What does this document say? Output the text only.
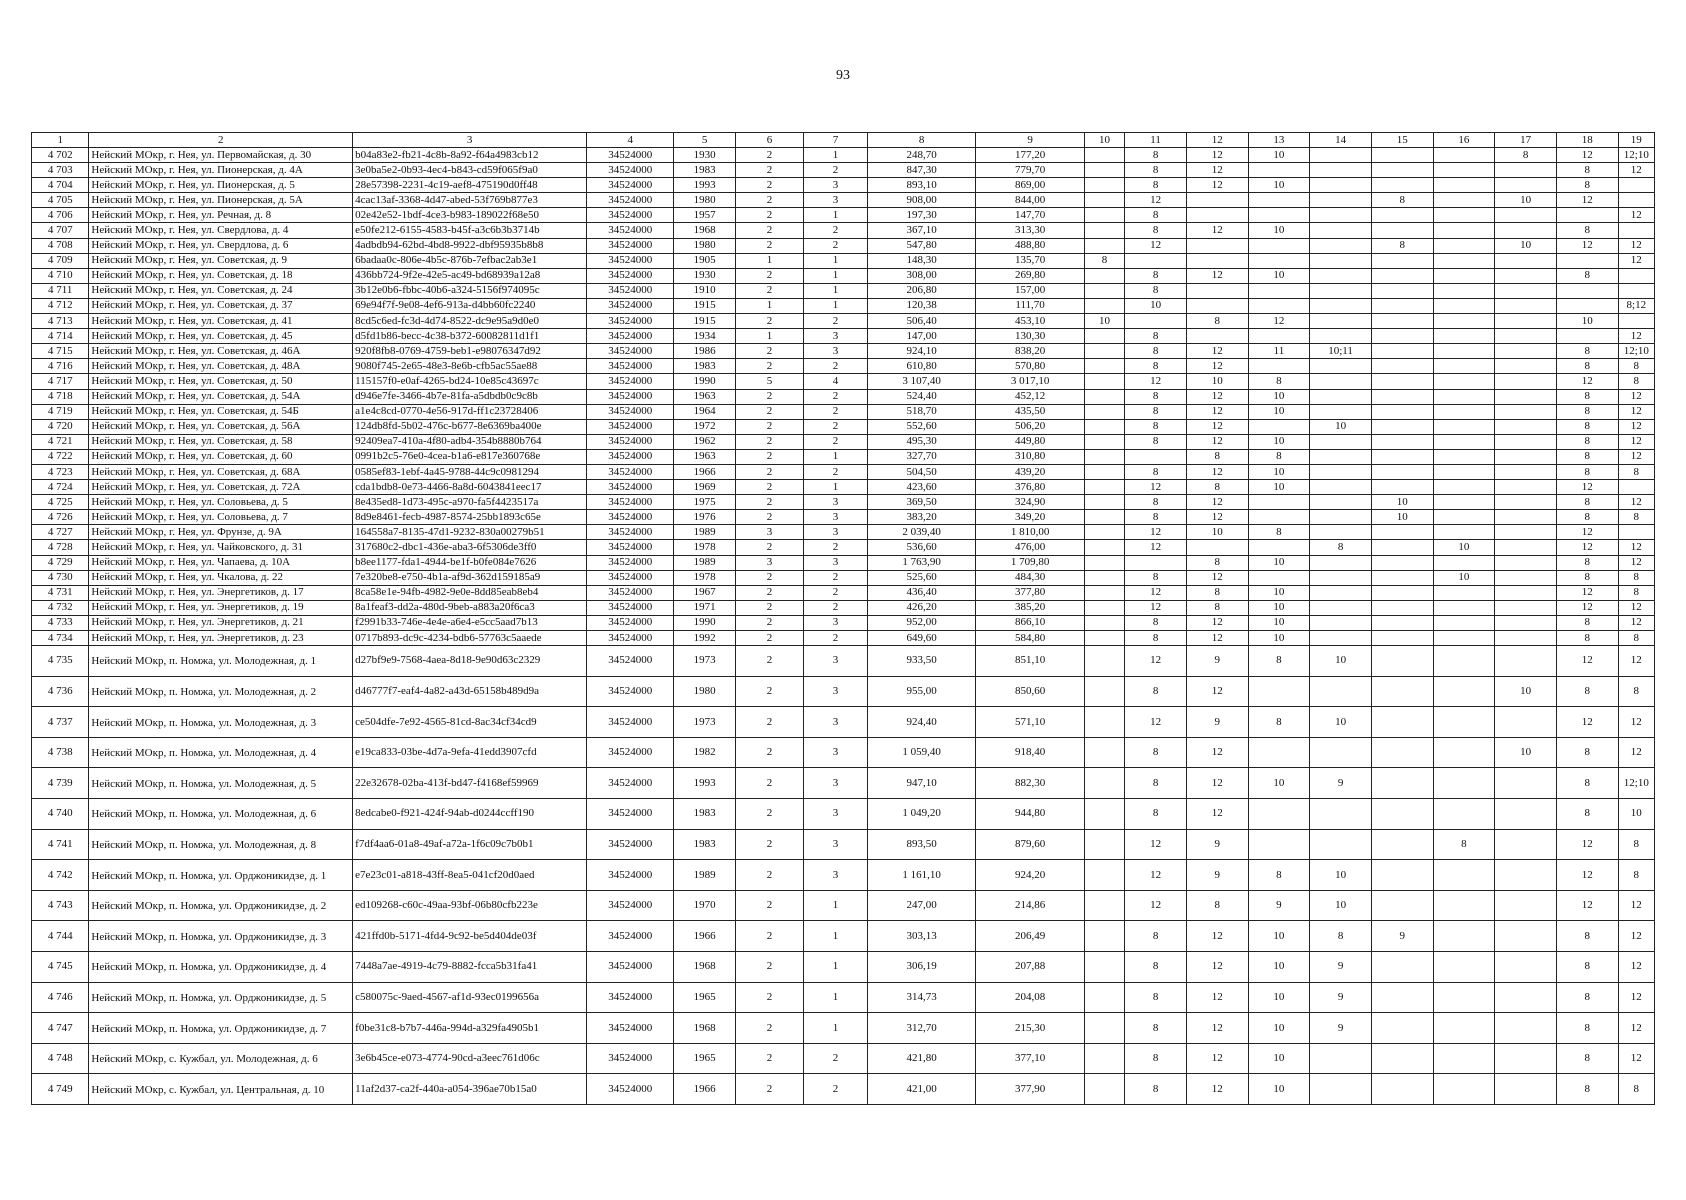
93
1	2	3	4	5	6	7	8	9	10	11	12	13	14	15	16	17	18	19
4 702	Нейский МОкр, г. Нея, ул. Первомайская, д. 30	b04a83e2-fb21-4c8b-8a92-f64a4983cb12	34524000	1930	2	1	248,70	177,20		8	12	10				8	12	12;10
4 703	Нейский МОкр, г. Нея, ул. Пионерская, д. 4А	3e0ba5e2-0b93-4ec4-b843-cd59f065f9a0	34524000	1983	2	2	847,30	779,70		8	12						8	12
4 704	Нейский МОкр, г. Нея, ул. Пионерская, д. 5	28e57398-2231-4c19-aef8-475190d0ff48	34524000	1993	2	3	893,10	869,00		8	12	10					8	
4 705	Нейский МОкр, г. Нея, ул. Пионерская, д. 5А	4cac13af-3368-4d47-abed-53f769b877e3	34524000	1980	2	3	908,00	844,00		12				8		10	12	
4 706	Нейский МОкр, г. Нея, ул. Речная, д. 8	02e42e52-1bdf-4ce3-b983-189022f68e50	34524000	1957	2	1	197,30	147,70		8								12
4 707	Нейский МОкр, г. Нея, ул. Свердлова, д. 4	e50fe212-6155-4583-b45f-a3c6b3b3714b	34524000	1968	2	2	367,10	313,30		8	12	10					8	
4 708	Нейский МОкр, г. Нея, ул. Свердлова, д. 6	4adbdb94-62bd-4bd8-9922-dbf95935b8b8	34524000	1980	2	2	547,80	488,80		12				8		10	12	12
4 709	Нейский МОкр, г. Нея, ул. Советская, д. 9	6badaa0c-806e-4b5c-876b-7efbac2ab3e1	34524000	1905	1	1	148,30	135,70	8									12
4 710	Нейский МОкр, г. Нея, ул. Советская, д. 18	436bb724-9f2e-42e5-ac49-bd68939a12a8	34524000	1930	2	1	308,00	269,80		8	12	10					8	
4 711	Нейский МОкр, г. Нея, ул. Советская, д. 24	3b12e0b6-fbbc-40b6-a324-5156f974095c	34524000	1910	2	1	206,80	157,00		8								
4 712	Нейский МОкр, г. Нея, ул. Советская, д. 37	69e94f7f-9e08-4ef6-913a-d4bb60fc2240	34524000	1915	1	1	120,38	111,70		10								8;12
4 713	Нейский МОкр, г. Нея, ул. Советская, д. 41	8cd5c6ed-fc3d-4d74-8522-dc9e95a9d0e0	34524000	1915	2	2	506,40	453,10	10		8	12					10	
4 714	Нейский МОкр, г. Нея, ул. Советская, д. 45	d5fd1b86-becc-4c38-b372-60082811d1f1	34524000	1934	1	3	147,00	130,30		8								12
4 715	Нейский МОкр, г. Нея, ул. Советская, д. 46А	920f8fb8-0769-4759-beb1-e98076347d92	34524000	1986	2	3	924,10	838,20		8	12	11	10;11				8	12;10
4 716	Нейский МОкр, г. Нея, ул. Советская, д. 48А	9080f745-2e65-48e3-8e6b-cfb5ac55ae88	34524000	1983	2	2	610,80	570,80		8	12						8	8
4 717	Нейский МОкр, г. Нея, ул. Советская, д. 50	115157f0-e0af-4265-bd24-10e85c43697c	34524000	1990	5	4	3 107,40	3 017,10		12	10	8					12	8
4 718	Нейский МОкр, г. Нея, ул. Советская, д. 54А	d946e7fe-3466-4b7e-81fa-a5dbdb0c9c8b	34524000	1963	2	2	524,40	452,12		8	12	10					8	12
4 719	Нейский МОкр, г. Нея, ул. Советская, д. 54Б	a1e4c8cd-0770-4e56-917d-ff1c23728406	34524000	1964	2	2	518,70	435,50		8	12	10					8	12
4 720	Нейский МОкр, г. Нея, ул. Советская, д. 56А	124db8fd-5b02-476c-b677-8e6369ba400e	34524000	1972	2	2	552,60	506,20		8	12		10				8	12
4 721	Нейский МОкр, г. Нея, ул. Советская, д. 58	92409ea7-410a-4f80-adb4-354b8880b764	34524000	1962	2	2	495,30	449,80		8	12	10					8	12
4 722	Нейский МОкр, г. Нея, ул. Советская, д. 60	0991b2c5-76e0-4cea-b1a6-e817e360768e	34524000	1963	2	1	327,70	310,80			8	8					8	12
4 723	Нейский МОкр, г. Нея, ул. Советская, д. 68А	0585ef83-1ebf-4a45-9788-44c9c0981294	34524000	1966	2	2	504,50	439,20		8	12	10					8	8
4 724	Нейский МОкр, г. Нея, ул. Советская, д. 72А	cda1bdb8-0e73-4466-8a8d-6043841eec17	34524000	1969	2	1	423,60	376,80		12	8	10					12	
4 725	Нейский МОкр, г. Нея, ул. Соловьева, д. 5	8e435ed8-1d73-495c-a970-fa5f4423517a	34524000	1975	2	3	369,50	324,90		8	12			10			8	12
4 726	Нейский МОкр, г. Нея, ул. Соловьева, д. 7	8d9e8461-fecb-4987-8574-25bb1893c65e	34524000	1976	2	3	383,20	349,20		8	12			10			8	8
4 727	Нейский МОкр, г. Нея, ул. Фрунзе, д. 9А	164558a7-8135-47d1-9232-830a00279b51	34524000	1989	3	3	2 039,40	1 810,00		12	10	8					12	
4 728	Нейский МОкр, г. Нея, ул. Чайковского, д. 31	317680c2-dbc1-436e-aba3-6f5306de3ff0	34524000	1978	2	2	536,60	476,00		12			8		10		12	12
4 729	Нейский МОкр, г. Нея, ул. Чапаева, д. 10А	b8ee1177-fda1-4944-be1f-b0fe084e7626	34524000	1989	3	3	1 763,90	1 709,80			8	10					8	12
4 730	Нейский МОкр, г. Нея, ул. Чкалова, д. 22	7e320be8-e750-4b1a-af9d-362d159185a9	34524000	1978	2	2	525,60	484,30		8	12				10		8	8
4 731	Нейский МОкр, г. Нея, ул. Энергетиков, д. 17	8ca58e1e-94fb-4982-9e0e-8dd85eab8eb4	34524000	1967	2	2	436,40	377,80		12	8	10					12	8
4 732	Нейский МОкр, г. Нея, ул. Энергетиков, д. 19	8a1feaf3-dd2a-480d-9beb-a883a20f6ca3	34524000	1971	2	2	426,20	385,20		12	8	10					12	12
4 733	Нейский МОкр, г. Нея, ул. Энергетиков, д. 21	f2991b33-746e-4e4e-a6e4-e5cc5aad7b13	34524000	1990	2	3	952,00	866,10		8	12	10					8	12
4 734	Нейский МОкр, г. Нея, ул. Энергетиков, д. 23	0717b893-dc9c-4234-bdb6-57763c5aaede	34524000	1992	2	2	649,60	584,80		8	12	10					8	8
4 735	Нейский МОкр, п. Номжа, ул. Молодежная, д. 1	d27bf9e9-7568-4aea-8d18-9e90d63c2329	34524000	1973	2	3	933,50	851,10		12	9	8	10				12	12
4 736	Нейский МОкр, п. Номжа, ул. Молодежная, д. 2	d46777f7-eaf4-4a82-a43d-65158b489d9a	34524000	1980	2	3	955,00	850,60		8	12					10	8	8
4 737	Нейский МОкр, п. Номжа, ул. Молодежная, д. 3	ce504dfe-7e92-4565-81cd-8ac34cf34cd9	34524000	1973	2	3	924,40	571,10		12	9	8	10				12	12
4 738	Нейский МОкр, п. Номжа, ул. Молодежная, д. 4	e19ca833-03be-4d7a-9efa-41edd3907cfd	34524000	1982	2	3	1 059,40	918,40		8	12					10	8	12
4 739	Нейский МОкр, п. Номжа, ул. Молодежная, д. 5	22e32678-02ba-413f-bd47-f4168ef59969	34524000	1993	2	3	947,10	882,30		8	12	10	9				8	12;10
4 740	Нейский МОкр, п. Номжа, ул. Молодежная, д. 6	8edcabe0-f921-424f-94ab-d0244ccff190	34524000	1983	2	3	1 049,20	944,80		8	12						8	10
4 741	Нейский МОкр, п. Номжа, ул. Молодежная, д. 8	f7df4aa6-01a8-49af-a72a-1f6c09c7b0b1	34524000	1983	2	3	893,50	879,60		12	9				8		12	8
4 742	Нейский МОкр, п. Номжа, ул. Орджоникидзе, д. 1	e7e23c01-a818-43ff-8ea5-041cf20d0aed	34524000	1989	2	3	1 161,10	924,20		12	9	8	10				12	8
4 743	Нейский МОкр, п. Номжа, ул. Орджоникидзе, д. 2	ed109268-c60c-49aa-93bf-06b80cfb223e	34524000	1970	2	1	247,00	214,86		12	8	9	10				12	12
4 744	Нейский МОкр, п. Номжа, ул. Орджоникидзе, д. 3	421ffd0b-5171-4fd4-9c92-be5d404de03f	34524000	1966	2	1	303,13	206,49		8	12	10	8	9			8	12
4 745	Нейский МОкр, п. Номжа, ул. Орджоникидзе, д. 4	7448a7ae-4919-4c79-8882-fcca5b31fa41	34524000	1968	2	1	306,19	207,88		8	12	10	9				8	12
4 746	Нейский МОкр, п. Номжа, ул. Орджоникидзе, д. 5	c580075c-9aed-4567-af1d-93ec0199656a	34524000	1965	2	1	314,73	204,08		8	12	10	9				8	12
4 747	Нейский МОкр, п. Номжа, ул. Орджоникидзе, д. 7	f0be31c8-b7b7-446a-994d-a329fa4905b1	34524000	1968	2	1	312,70	215,30		8	12	10	9				8	12
4 748	Нейский МОкр, с. Кужбал, ул. Молодежная, д. 6	3e6b45ce-e073-4774-90cd-a3eec761d06c	34524000	1965	2	2	421,80	377,10		8	12	10					8	12
4 749	Нейский МОкр, с. Кужбал, ул. Центральная, д. 10	11af2d37-ca2f-440a-a054-396ae70b15a0	34524000	1966	2	2	421,00	377,90		8	12	10					8	8
